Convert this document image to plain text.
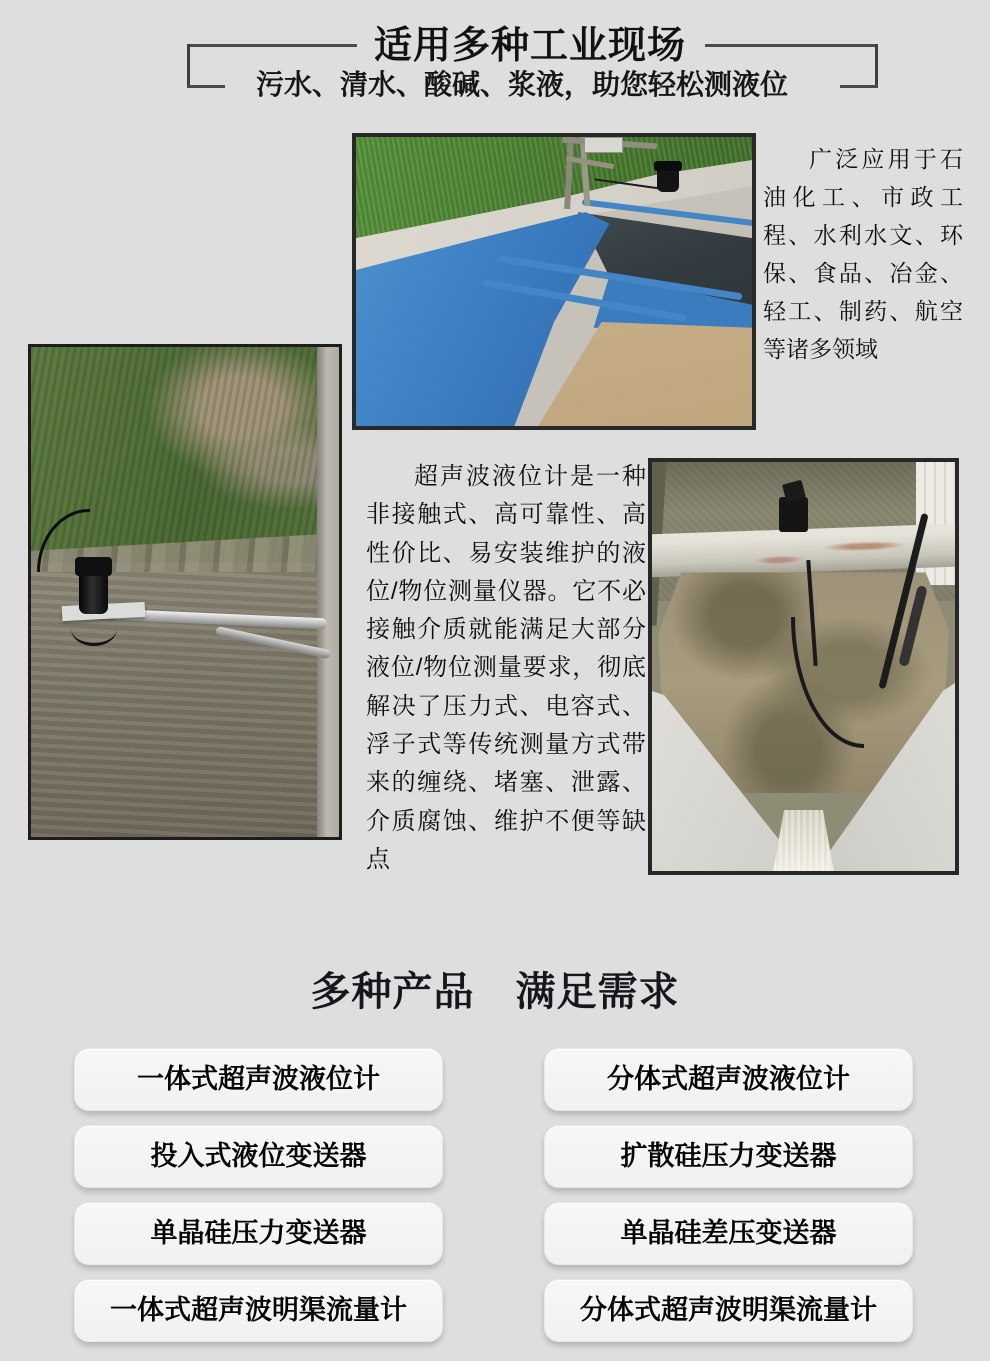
适用多种工业现场

污水、清水、酸碱、浆液，助您轻松测液位

广泛应用于石油化工、市政工程、水利水文、环保、食品、冶金、轻工、制药、航空等诸多领域

超声波液位计是一种非接触式、高可靠性、高性价比、易安装维护的液位/物位测量仪器。它不必接触介质就能满足大部分液位/物位测量要求，彻底解决了压力式、电容式、浮子式等传统测量方式带来的缠绕、堵塞、泄露、介质腐蚀、维护不便等缺点

多种产品　满足需求
一体式超声波液位计	分体式超声波液位计
投入式液位变送器	扩散硅压力变送器
单晶硅压力变送器	单晶硅差压变送器
一体式超声波明渠流量计	分体式超声波明渠流量计
